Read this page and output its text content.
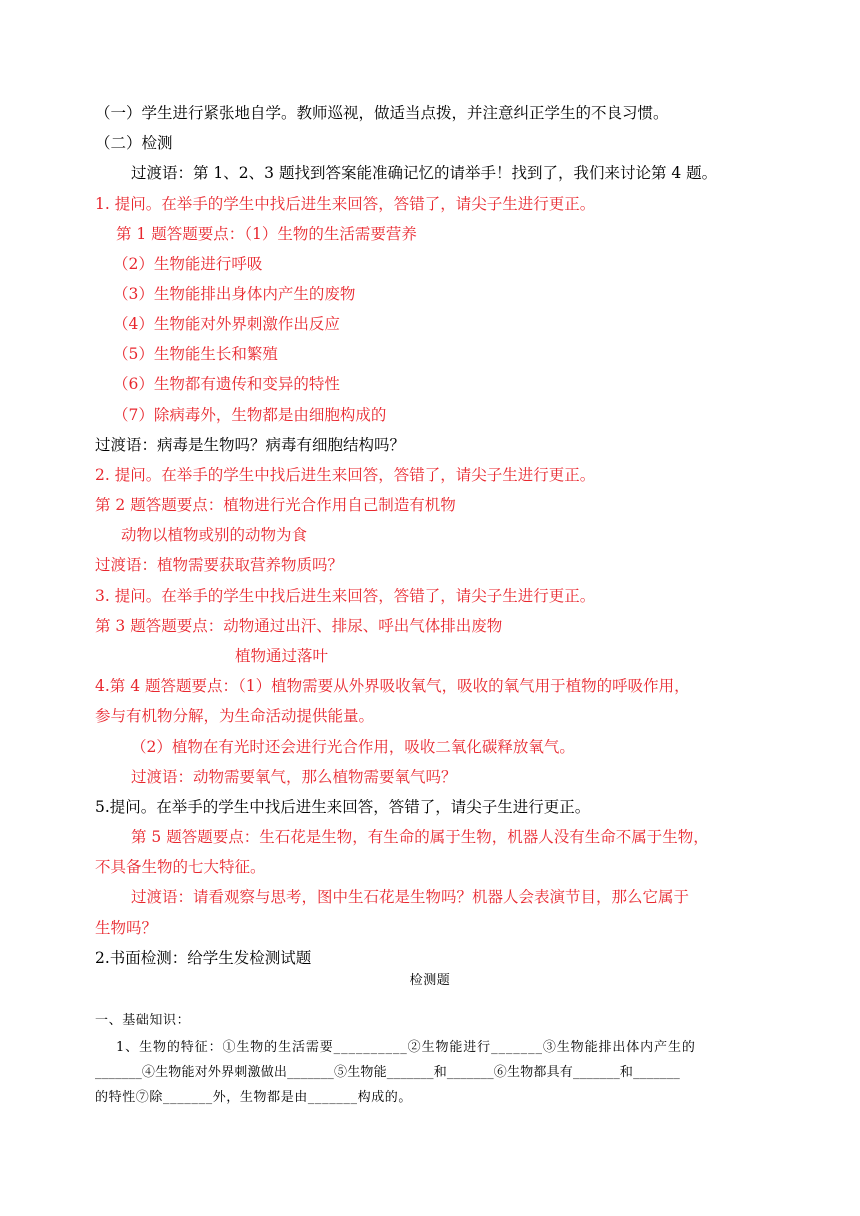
（一）学生进行紧张地自学。教师巡视，做适当点拨，并注意纠正学生的不良习惯。

（二）检测

过渡语：第 1、2、3 题找到答案能准确记忆的请举手！找到了，我们来讨论第 4 题。

1. 提问。在举手的学生中找后进生来回答，答错了，请尖子生进行更正。

第 1 题答题要点：（1）生物的生活需要营养

（2）生物能进行呼吸

（3）生物能排出身体内产生的废物

（4）生物能对外界刺激作出反应

（5）生物能生长和繁殖

（6）生物都有遗传和变异的特性

（7）除病毒外，生物都是由细胞构成的

过渡语：病毒是生物吗？病毒有细胞结构吗？

2. 提问。在举手的学生中找后进生来回答，答错了，请尖子生进行更正。

第 2 题答题要点：植物进行光合作用自己制造有机物

动物以植物或别的动物为食

过渡语：植物需要获取营养物质吗？

3. 提问。在举手的学生中找后进生来回答，答错了，请尖子生进行更正。

第 3 题答题要点：动物通过出汗、排尿、呼出气体排出废物

植物通过落叶

4.第 4 题答题要点：（1）植物需要从外界吸收氧气，吸收的氧气用于植物的呼吸作用，

参与有机物分解，为生命活动提供能量。

（2）植物在有光时还会进行光合作用，吸收二氧化碳释放氧气。

过渡语：动物需要氧气，那么植物需要氧气吗？

5.提问。在举手的学生中找后进生来回答，答错了，请尖子生进行更正。

第 5 题答题要点：生石花是生物，有生命的属于生物，机器人没有生命不属于生物，

不具备生物的七大特征。

过渡语：请看观察与思考，图中生石花是生物吗？机器人会表演节目，那么它属于

生物吗？

2.书面检测：给学生发检测试题

检测题

一、基础知识：

1、生物的特征：①生物的生活需要__________②生物能进行_______③生物能排出体内产生的

_______④生物能对外界刺激做出_______⑤生物能_______和_______⑥生物都具有_______和_______

的特性⑦除_______外，生物都是由_______构成的。
